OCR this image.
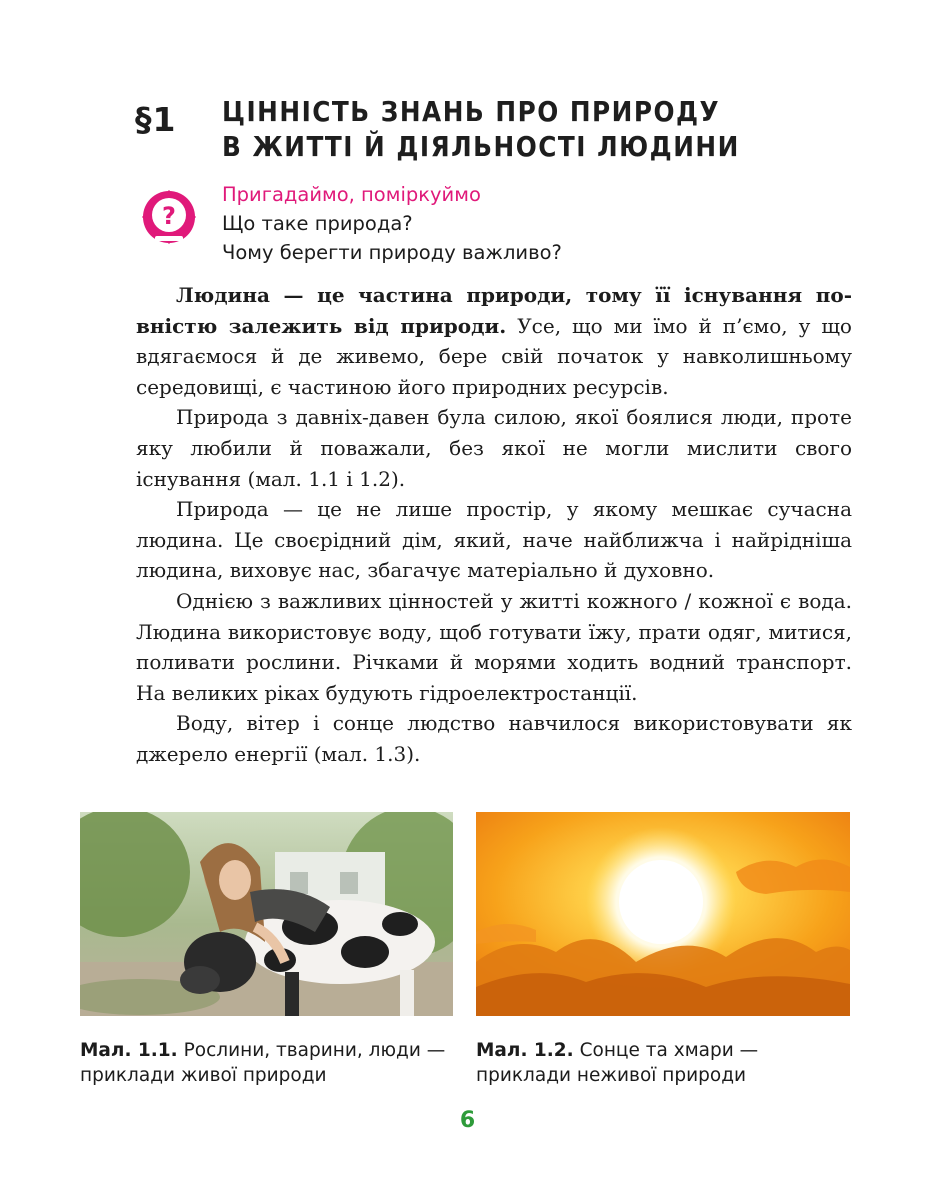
§1 ЦІННІСТЬ ЗНАНЬ ПРО ПРИРОДУ
В ЖИТТІ Й ДІЯЛЬНОСТІ ЛЮДИНИ
?
Пригадаймо, поміркуймо
Що таке природа?
Чому берегти природу важливо?

Людина — це частина природи, тому її існування повністю залежить від природи. Усе, що ми їмо й п’ємо, у що вдягаємося й де живемо, бере свій початок у навколишньому середовищі, є частиною його природних ресурсів.

Природа з давніх-давен була силою, якої боялися люди, проте яку любили й поважали, без якої не могли мислити свого існування (мал. 1.1 і 1.2).

Природа — це не лише простір, у якому мешкає сучасна людина. Це своєрідний дім, який, наче найближча і найрідніша людина, виховує нас, збагачує матеріально й духовно.

Однією з важливих цінностей у житті кожного / кожної є вода. Людина використовує воду, щоб готувати їжу, прати одяг, митися, поливати рослини. Річками й морями ходить водний транспорт. На великих ріках будують гідроелектростанції.

Воду, вітер і сонце людство навчилося використовувати як джерело енергії (мал. 1.3).

Мал. 1.1. Рослини, тварини, люди — приклади живої природи
Мал. 1.2. Сонце та хмари — приклади неживої природи
6
